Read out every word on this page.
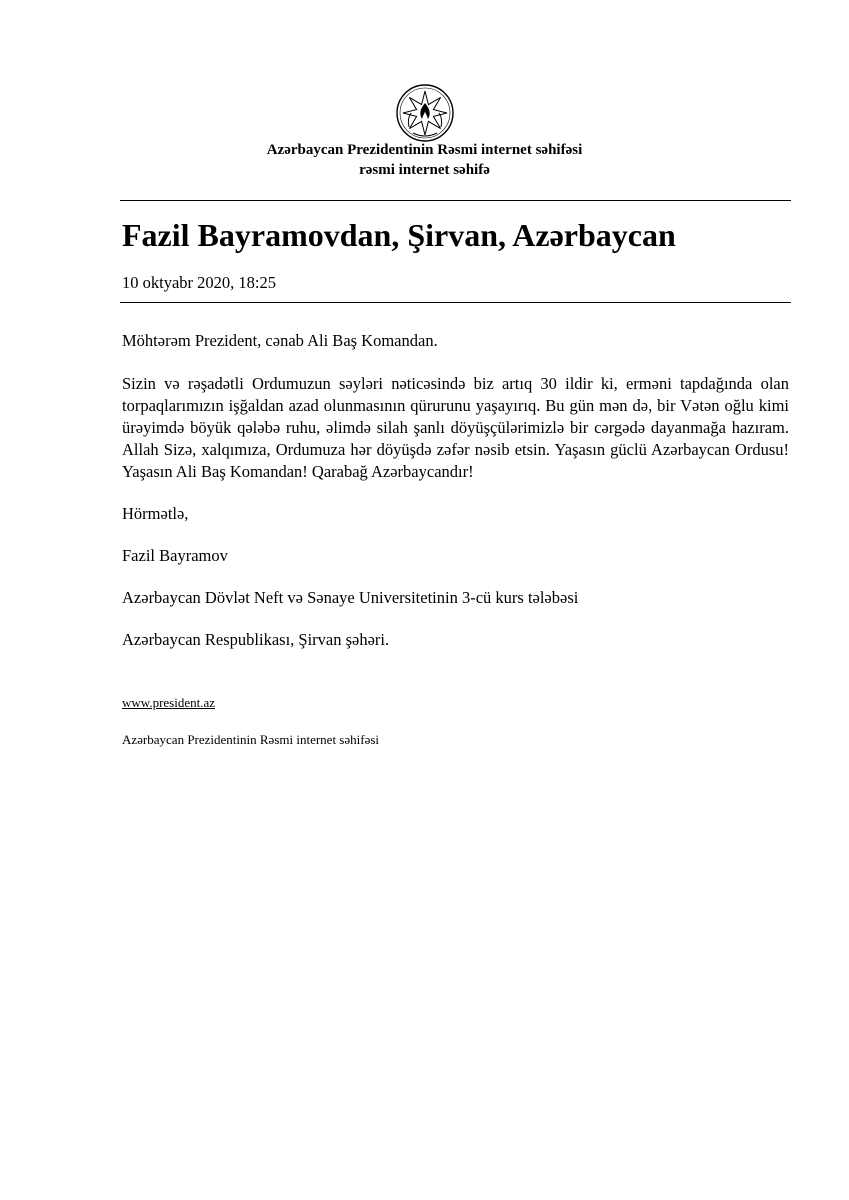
Azərbaycan Prezidentinin Rəsmi internet səhifəsi
rəsmi internet səhifə
Fazil Bayramovdan, Şirvan, Azərbaycan
10 oktyabr 2020, 18:25

Möhtərəm Prezident, cənab Ali Baş Komandan.

Sizin və rəşadətli Ordumuzun səyləri nəticəsində biz artıq 30 ildir ki, erməni tapdağında olan torpaqlarımızın işğaldan azad olunmasının qürurunu yaşayırıq. Bu gün mən də, bir Vətən oğlu kimi ürəyimdə böyük qələbə ruhu, əlimdə silah şanlı döyüşçülərimizlə bir cərgədə dayanmağa hazıram. Allah Sizə, xalqımıza, Ordumuza hər döyüşdə zəfər nəsib etsin. Yaşasın güclü Azərbaycan Ordusu! Yaşasın Ali Baş Komandan! Qarabağ Azərbaycandır!

Hörmətlə,

Fazil Bayramov

Azərbaycan Dövlət Neft və Sənaye Universitetinin 3-cü kurs tələbəsi

Azərbaycan Respublikası, Şirvan şəhəri.

www.president.az
Azərbaycan Prezidentinin Rəsmi internet səhifəsi
